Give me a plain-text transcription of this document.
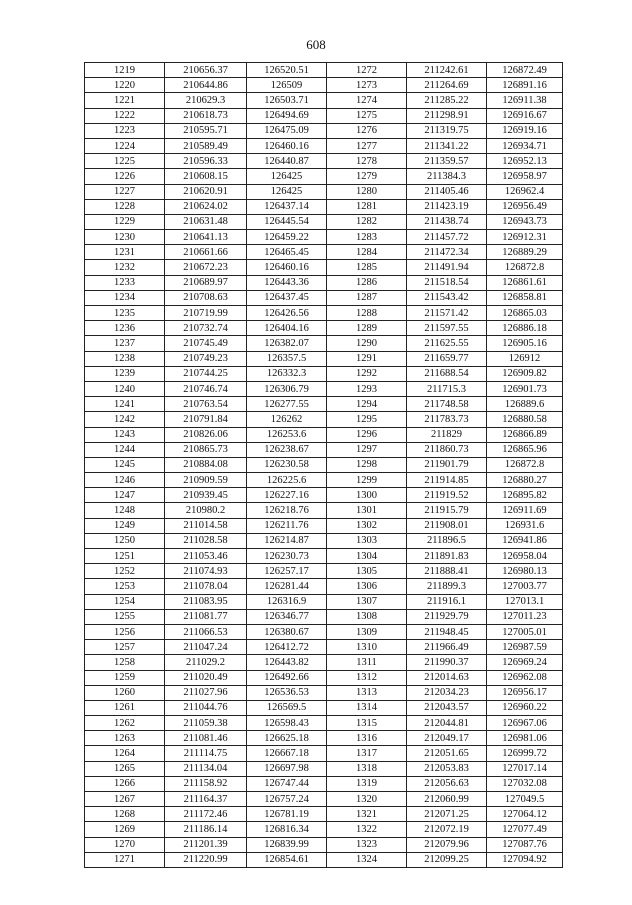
608
1219	210656.37	126520.51	1272	211242.61	126872.49
1220	210644.86	126509	1273	211264.69	126891.16
1221	210629.3	126503.71	1274	211285.22	126911.38
1222	210618.73	126494.69	1275	211298.91	126916.67
1223	210595.71	126475.09	1276	211319.75	126919.16
1224	210589.49	126460.16	1277	211341.22	126934.71
1225	210596.33	126440.87	1278	211359.57	126952.13
1226	210608.15	126425	1279	211384.3	126958.97
1227	210620.91	126425	1280	211405.46	126962.4
1228	210624.02	126437.14	1281	211423.19	126956.49
1229	210631.48	126445.54	1282	211438.74	126943.73
1230	210641.13	126459.22	1283	211457.72	126912.31
1231	210661.66	126465.45	1284	211472.34	126889.29
1232	210672.23	126460.16	1285	211491.94	126872.8
1233	210689.97	126443.36	1286	211518.54	126861.61
1234	210708.63	126437.45	1287	211543.42	126858.81
1235	210719.99	126426.56	1288	211571.42	126865.03
1236	210732.74	126404.16	1289	211597.55	126886.18
1237	210745.49	126382.07	1290	211625.55	126905.16
1238	210749.23	126357.5	1291	211659.77	126912
1239	210744.25	126332.3	1292	211688.54	126909.82
1240	210746.74	126306.79	1293	211715.3	126901.73
1241	210763.54	126277.55	1294	211748.58	126889.6
1242	210791.84	126262	1295	211783.73	126880.58
1243	210826.06	126253.6	1296	211829	126866.89
1244	210865.73	126238.67	1297	211860.73	126865.96
1245	210884.08	126230.58	1298	211901.79	126872.8
1246	210909.59	126225.6	1299	211914.85	126880.27
1247	210939.45	126227.16	1300	211919.52	126895.82
1248	210980.2	126218.76	1301	211915.79	126911.69
1249	211014.58	126211.76	1302	211908.01	126931.6
1250	211028.58	126214.87	1303	211896.5	126941.86
1251	211053.46	126230.73	1304	211891.83	126958.04
1252	211074.93	126257.17	1305	211888.41	126980.13
1253	211078.04	126281.44	1306	211899.3	127003.77
1254	211083.95	126316.9	1307	211916.1	127013.1
1255	211081.77	126346.77	1308	211929.79	127011.23
1256	211066.53	126380.67	1309	211948.45	127005.01
1257	211047.24	126412.72	1310	211966.49	126987.59
1258	211029.2	126443.82	1311	211990.37	126969.24
1259	211020.49	126492.66	1312	212014.63	126962.08
1260	211027.96	126536.53	1313	212034.23	126956.17
1261	211044.76	126569.5	1314	212043.57	126960.22
1262	211059.38	126598.43	1315	212044.81	126967.06
1263	211081.46	126625.18	1316	212049.17	126981.06
1264	211114.75	126667.18	1317	212051.65	126999.72
1265	211134.04	126697.98	1318	212053.83	127017.14
1266	211158.92	126747.44	1319	212056.63	127032.08
1267	211164.37	126757.24	1320	212060.99	127049.5
1268	211172.46	126781.19	1321	212071.25	127064.12
1269	211186.14	126816.34	1322	212072.19	127077.49
1270	211201.39	126839.99	1323	212079.96	127087.76
1271	211220.99	126854.61	1324	212099.25	127094.92
